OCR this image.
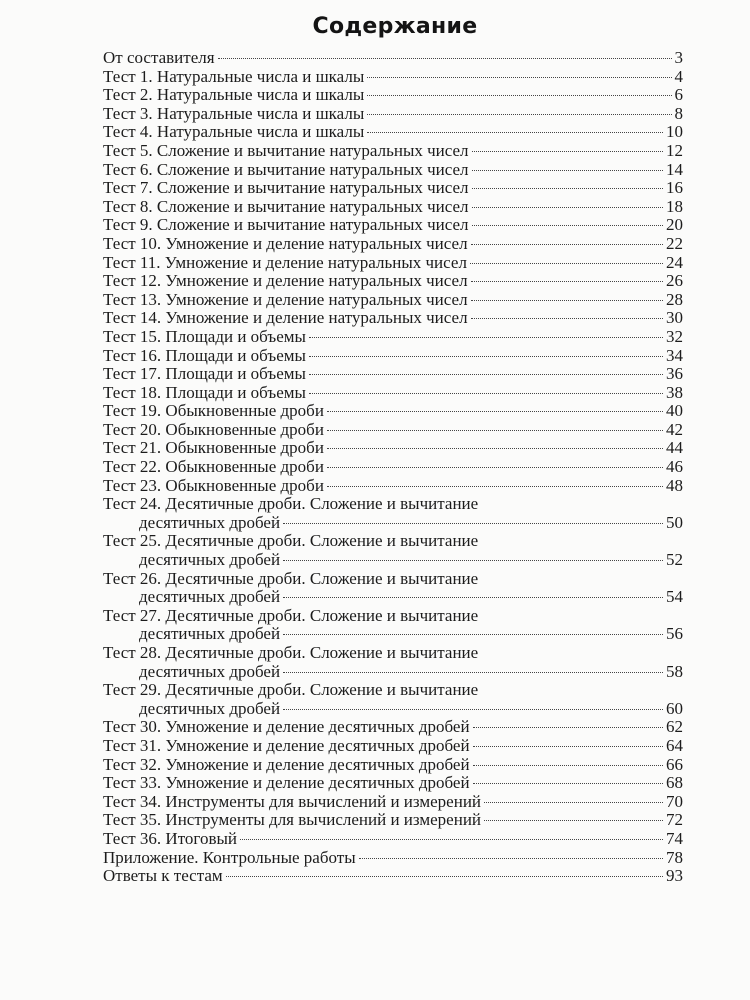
Содержание
От составителя	3
Тест 1. Натуральные числа и шкалы	4
Тест 2. Натуральные числа и шкалы	6
Тест 3. Натуральные числа и шкалы	8
Тест 4. Натуральные числа и шкалы	10
Тест 5. Сложение и вычитание натуральных чисел	12
Тест 6. Сложение и вычитание натуральных чисел	14
Тест 7. Сложение и вычитание натуральных чисел	16
Тест 8. Сложение и вычитание натуральных чисел	18
Тест 9. Сложение и вычитание натуральных чисел	20
Тест 10. Умножение и деление натуральных чисел	22
Тест 11. Умножение и деление натуральных чисел	24
Тест 12. Умножение и деление натуральных чисел	26
Тест 13. Умножение и деление натуральных чисел	28
Тест 14. Умножение и деление натуральных чисел	30
Тест 15. Площади и объемы	32
Тест 16. Площади и объемы	34
Тест 17. Площади и объемы	36
Тест 18. Площади и объемы	38
Тест 19. Обыкновенные дроби	40
Тест 20. Обыкновенные дроби	42
Тест 21. Обыкновенные дроби	44
Тест 22. Обыкновенные дроби	46
Тест 23. Обыкновенные дроби	48
Тест 24. Десятичные дроби. Сложение и вычитание
десятичных дробей	50
Тест 25. Десятичные дроби. Сложение и вычитание
десятичных дробей	52
Тест 26. Десятичные дроби. Сложение и вычитание
десятичных дробей	54
Тест 27. Десятичные дроби. Сложение и вычитание
десятичных дробей	56
Тест 28. Десятичные дроби. Сложение и вычитание
десятичных дробей	58
Тест 29. Десятичные дроби. Сложение и вычитание
десятичных дробей	60
Тест 30. Умножение и деление десятичных дробей	62
Тест 31. Умножение и деление десятичных дробей	64
Тест 32. Умножение и деление десятичных дробей	66
Тест 33. Умножение и деление десятичных дробей	68
Тест 34. Инструменты для вычислений и измерений	70
Тест 35. Инструменты для вычислений и измерений	72
Тест 36. Итоговый	74
Приложение. Контрольные работы	78
Ответы к тестам	93
